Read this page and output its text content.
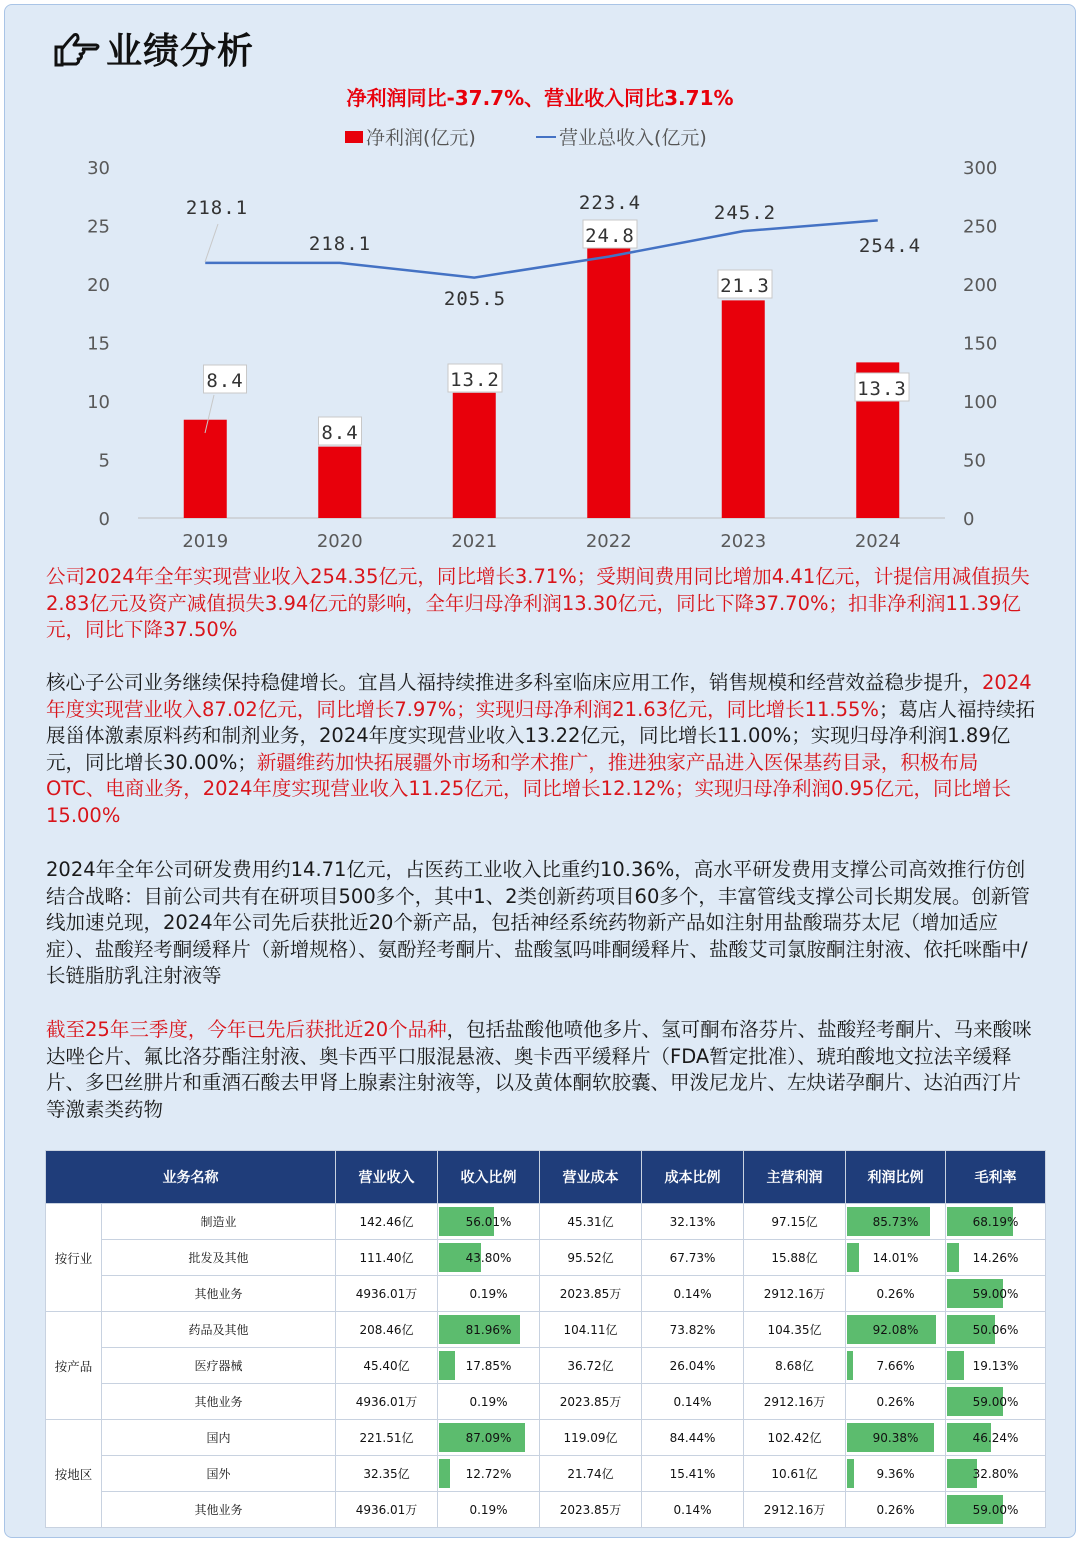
业绩分析
净利润同比-37.7%、营业收入同比3.71%
净利润(亿元)	营业总收入(亿元)
0
5
10
15
20
25
30
0
50
100
150
200
250
300
2019	2020	2021	2022	2023	2024
8.4
8.4
13.2
24.8
21.3
13.3
218.1
218.1
205.5
223.4	245.2
254.4

公司2024年全年实现营业收入254.35亿元，同比增长3.71%；受期间费用同比增加4.41亿元，计提信用减值损失2.83亿元及资产减值损失3.94亿元的影响，全年归母净利润13.30亿元，同比下降37.70%；扣非净利润11.39亿元，同比下降37.50%

核心子公司业务继续保持稳健增长。宜昌人福持续推进多科室临床应用工作，销售规模和经营效益稳步提升，2024年度实现营业收入87.02亿元，同比增长7.97%；实现归母净利润21.63亿元，同比增长11.55%；葛店人福持续拓展甾体激素原料药和制剂业务，2024年度实现营业收入13.22亿元，同比增长11.00%；实现归母净利润1.89亿元，同比增长30.00%；新疆维药加快拓展疆外市场和学术推广，推进独家产品进入医保基药目录，积极布局OTC、电商业务，2024年度实现营业收入11.25亿元，同比增长12.12%；实现归母净利润0.95亿元，同比增长15.00%

2024年全年公司研发费用约14.71亿元，占医药工业收入比重约10.36%，高水平研发费用支撑公司高效推行仿创结合战略：目前公司共有在研项目500多个，其中1、2类创新药项目60多个，丰富管线支撑公司长期发展。创新管线加速兑现，2024年公司先后获批近20个新产品，包括神经系统药物新产品如注射用盐酸瑞芬太尼（增加适应症）、盐酸羟考酮缓释片（新增规格）、氨酚羟考酮片、盐酸氢吗啡酮缓释片、盐酸艾司氯胺酮注射液、依托咪酯中/长链脂肪乳注射液等

截至25年三季度，今年已先后获批近20个品种，包括盐酸他喷他多片、氢可酮布洛芬片、盐酸羟考酮片、马来酸咪达唑仑片、氟比洛芬酯注射液、奥卡西平口服混悬液、奥卡西平缓释片（FDA暂定批准）、琥珀酸地文拉法辛缓释片、多巴丝肼片和重酒石酸去甲肾上腺素注射液等，以及黄体酮软胶囊、甲泼尼龙片、左炔诺孕酮片、达泊西汀片等激素类药物

业务名称		营业收入	收入比例	营业成本	成本比例	主营利润	利润比例	毛利率
按行业	制造业	142.46亿	56.01%	45.31亿	32.13%	97.15亿	85.73%	68.19%
	批发及其他	111.40亿	43.80%	95.52亿	67.73%	15.88亿	14.01%	14.26%
	其他业务	4936.01万	0.19%	2023.85万	0.14%	2912.16万	0.26%	59.00%
按产品	药品及其他	208.46亿	81.96%	104.11亿	73.82%	104.35亿	92.08%	50.06%
	医疗器械	45.40亿	17.85%	36.72亿	26.04%	8.68亿	7.66%	19.13%
	其他业务	4936.01万	0.19%	2023.85万	0.14%	2912.16万	0.26%	59.00%
按地区	国内	221.51亿	87.09%	119.09亿	84.44%	102.42亿	90.38%	46.24%
	国外	32.35亿	12.72%	21.74亿	15.41%	10.61亿	9.36%	32.80%
	其他业务	4936.01万	0.19%	2023.85万	0.14%	2912.16万	0.26%	59.00%
